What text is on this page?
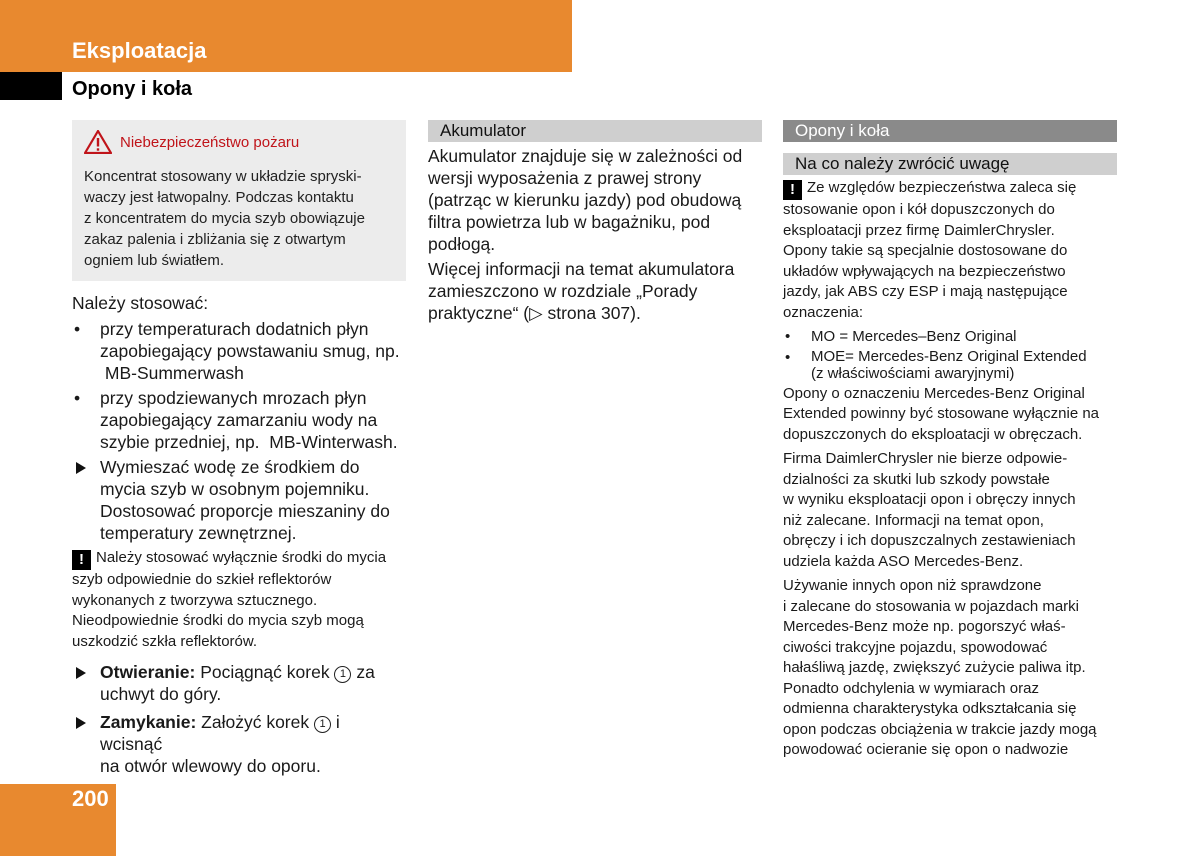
Eksploatacja
Opony i koła
Niebezpieczeństwo pożaru
Koncentrat stosowany w układzie spryski-
waczy jest łatwopalny. Podczas kontaktu
z koncentratem do mycia szyb obowiązuje
zakaz palenia i zbliżania się z otwartym
ogniem lub światłem.
Należy stosować:
• przy temperaturach dodatnich płyn
zapobiegający powstawaniu smug, np.
MB-Summerwash
• przy spodziewanych mrozach płyn
zapobiegający zamarzaniu wody na
szybie przedniej, np.  MB-Winterwash.
Wymieszać wodę ze środkiem do
mycia szyb w osobnym pojemniku.
Dostosować proporcje mieszaniny do
temperatury zewnętrznej.
! Należy stosować wyłącznie środki do mycia
szyb odpowiednie do szkieł reflektorów
wykonanych z tworzywa sztucznego.
Nieodpowiednie środki do mycia szyb mogą
uszkodzić szkła reflektorów.
Otwieranie: Pociągnąć korek 1 za
uchwyt do góry.
Zamykanie: Założyć korek 1 i wcisnąć
na otwór wlewowy do oporu.
Akumulator
Akumulator znajduje się w zależności od
wersji wyposażenia z prawej strony
(patrząc w kierunku jazdy) pod obudową
filtra powietrza lub w bagażniku, pod
podłogą.
Więcej informacji na temat akumulatora
zamieszczono w rozdziale „Porady
praktyczne“ (▷ strona 307).
Opony i koła
Na co należy zwrócić uwagę
! Ze względów bezpieczeństwa zaleca się
stosowanie opon i kół dopuszczonych do
eksploatacji przez firmę DaimlerChrysler.
Opony takie są specjalnie dostosowane do
układów wpływających na bezpieczeństwo
jazdy, jak ABS czy ESP i mają następujące
oznaczenia:
• MO = Mercedes–Benz Original
• MOE= Mercedes-Benz Original Extended
(z właściwościami awaryjnymi)
Opony o oznaczeniu Mercedes-Benz Original
Extended powinny być stosowane wyłącznie na
dopuszczonych do eksploatacji w obręczach.
Firma DaimlerChrysler nie bierze odpowie-
dzialności za skutki lub szkody powstałe
w wyniku eksploatacji opon i obręczy innych
niż zalecane. Informacji na temat opon,
obręczy i ich dopuszczalnych zestawieniach
udziela każda ASO Mercedes-Benz.
Używanie innych opon niż sprawdzone
i zalecane do stosowania w pojazdach marki
Mercedes-Benz może np. pogorszyć właś-
ciwości trakcyjne pojazdu, spowodować
hałaśliwą jazdę, zwiększyć zużycie paliwa itp.
Ponadto odchylenia w wymiarach oraz
odmienna charakterystyka odkształcania się
opon podczas obciążenia w trakcie jazdy mogą
powodować ocieranie się opon o nadwozie
200
